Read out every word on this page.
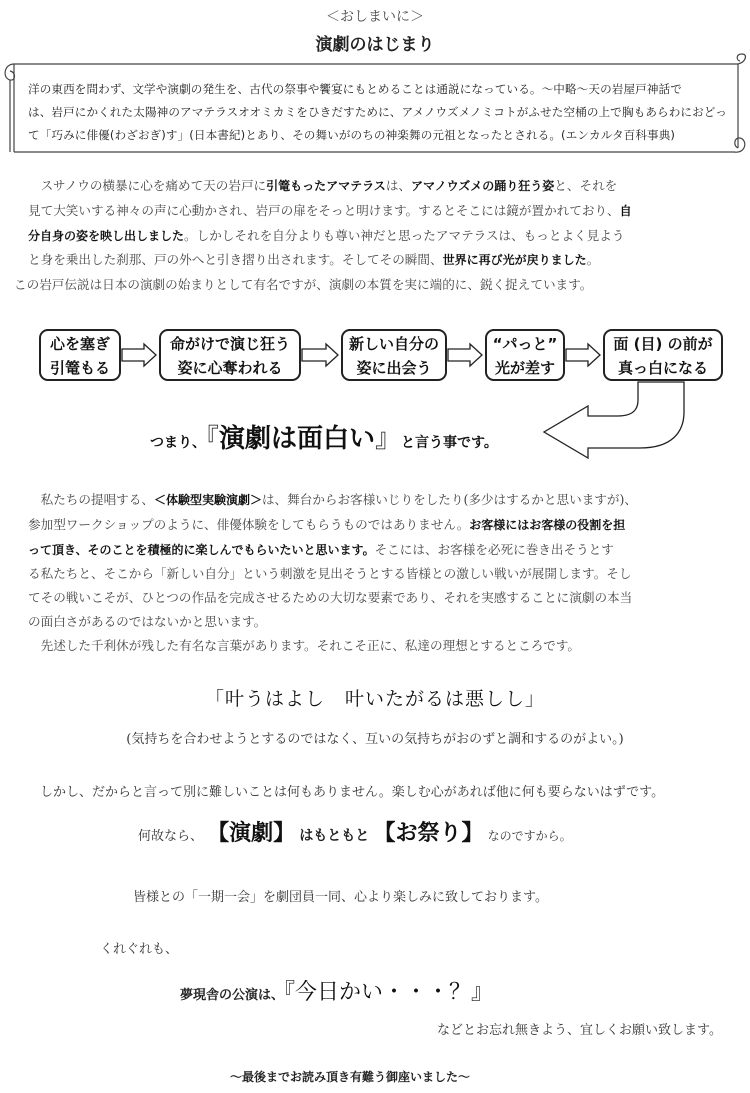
＜おしまいに＞
演劇のはじまり
洋の東西を問わず、文学や演劇の発生を、古代の祭事や饗宴にもとめることは通説になっている。～中略～天の岩屋戸神話で
は、岩戸にかくれた太陽神のアマテラスオオミカミをひきだすために、アメノウズメノミコトがふせた空桶の上で胸もあらわにおどっ
て「巧みに俳優(わざおぎ)す」(日本書紀)とあり、その舞いがのちの神楽舞の元祖となったとされる。(エンカルタ百科事典)
スサノウの横暴に心を痛めて天の岩戸に引篭もったアマテラスは、アマノウズメの踊り狂う姿と、それを
見て大笑いする神々の声に心動かされ、岩戸の扉をそっと明けます。するとそこには鏡が置かれており、自
分自身の姿を映し出しました。しかしそれを自分よりも尊い神だと思ったアマテラスは、もっとよく見よう
と身を乗出した刹那、戸の外へと引き摺り出されます。そしてその瞬間、世界に再び光が戻りました。
この岩戸伝説は日本の演劇の始まりとして有名ですが、演劇の本質を実に端的に、鋭く捉えています。
心を塞ぎ
引篭もる
命がけで演じ狂う
姿に心奪われる
新しい自分の
姿に出会う
“パっと”
光が差す
面 (目) の前が
真っ白になる
つまり、『演劇は面白い』と言う事です。
私たちの提唱する、＜体験型実験演劇＞は、舞台からお客様いじりをしたり(多少はするかと思いますが)、
参加型ワークショップのように、俳優体験をしてもらうものではありません。お客様にはお客様の役割を担
って頂き、そのことを積極的に楽しんでもらいたいと思います。そこには、お客様を必死に巻き出そうとす
る私たちと、そこから「新しい自分」という刺激を見出そうとする皆様との激しい戦いが展開します。そし
てその戦いこそが、ひとつの作品を完成させるための大切な要素であり、それを実感することに演劇の本当
の面白さがあるのではないかと思います。
先述した千利休が残した有名な言葉があります。それこそ正に、私達の理想とするところです。
「叶うはよし　叶いたがるは悪しし」
(気持ちを合わせようとするのではなく、互いの気持ちがおのずと調和するのがよい。)
しかし、だからと言って別に難しいことは何もありません。楽しむ心があれば他に何も要らないはずです。
何故なら、 【演劇】 はもともと 【お祭り】 なのですから。
皆様との「一期一会」を劇団員一同、心より楽しみに致しております。
くれぐれも、
夢現舎の公演は、『今日かい・・・？』
などとお忘れ無きよう、宜しくお願い致します。
～最後までお読み頂き有難う御座いました～
